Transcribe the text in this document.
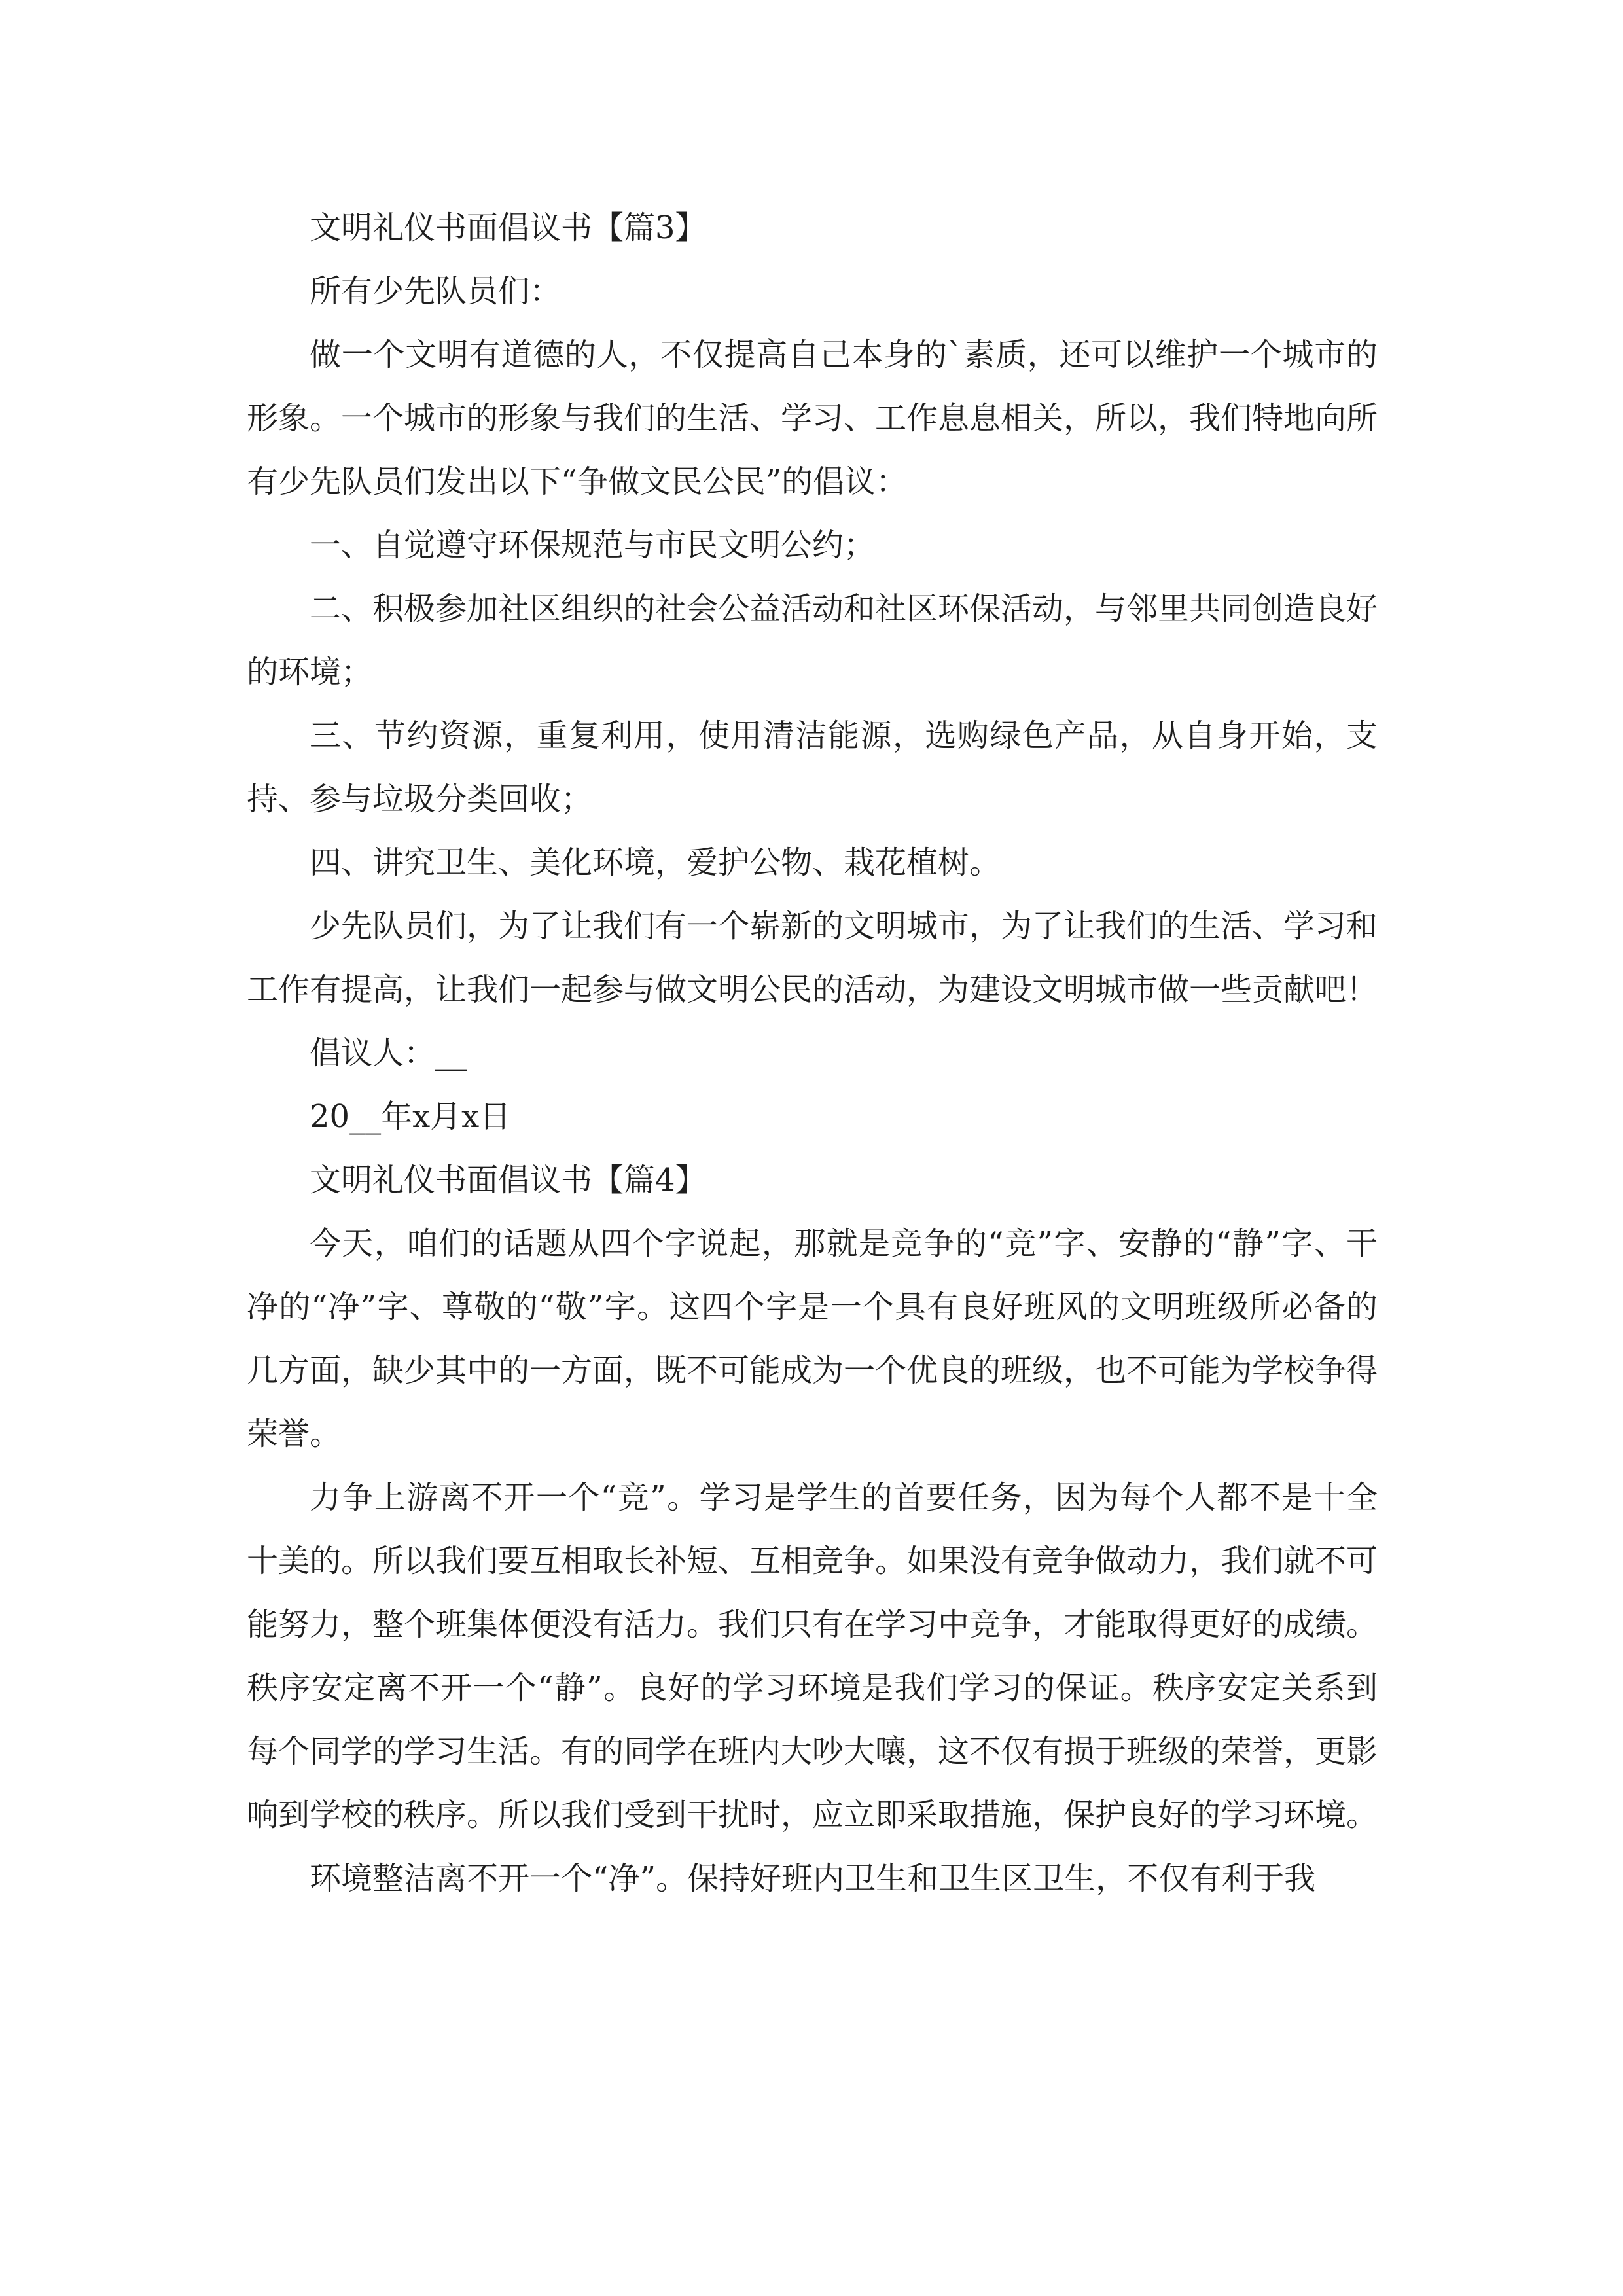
文明礼仪书面倡议书【篇3】

所有少先队员们：

做一个文明有道德的人，不仅提高自己本身的`素质，还可以维护一个城市的形象。一个城市的形象与我们的生活、学习、工作息息相关，所以，我们特地向所有少先队员们发出以下“争做文民公民”的倡议：

一、自觉遵守环保规范与市民文明公约；

二、积极参加社区组织的社会公益活动和社区环保活动，与邻里共同创造良好的环境；

三、节约资源，重复利用，使用清洁能源，选购绿色产品，从自身开始，支持、参与垃圾分类回收；

四、讲究卫生、美化环境，爱护公物、栽花植树。

少先队员们，为了让我们有一个崭新的文明城市，为了让我们的生活、学习和工作有提高，让我们一起参与做文明公民的活动，为建设文明城市做一些贡献吧！

倡议人：__

20__年x月x日

文明礼仪书面倡议书【篇4】

今天，咱们的话题从四个字说起，那就是竞争的“竞”字、安静的“静”字、干净的“净”字、尊敬的“敬”字。这四个字是一个具有良好班风的文明班级所必备的几方面，缺少其中的一方面，既不可能成为一个优良的班级，也不可能为学校争得荣誉。

力争上游离不开一个“竞”。学习是学生的首要任务，因为每个人都不是十全十美的。所以我们要互相取长补短、互相竞争。如果没有竞争做动力，我们就不可能努力，整个班集体便没有活力。我们只有在学习中竞争，才能取得更好的成绩。 秩序安定离不开一个“静”。良好的学习环境是我们学习的保证。秩序安定关系到每个同学的学习生活。有的同学在班内大吵大嚷，这不仅有损于班级的荣誉，更影响到学校的秩序。所以我们受到干扰时，应立即采取措施，保护良好的学习环境。

环境整洁离不开一个“净”。保持好班内卫生和卫生区卫生，不仅有利于我
